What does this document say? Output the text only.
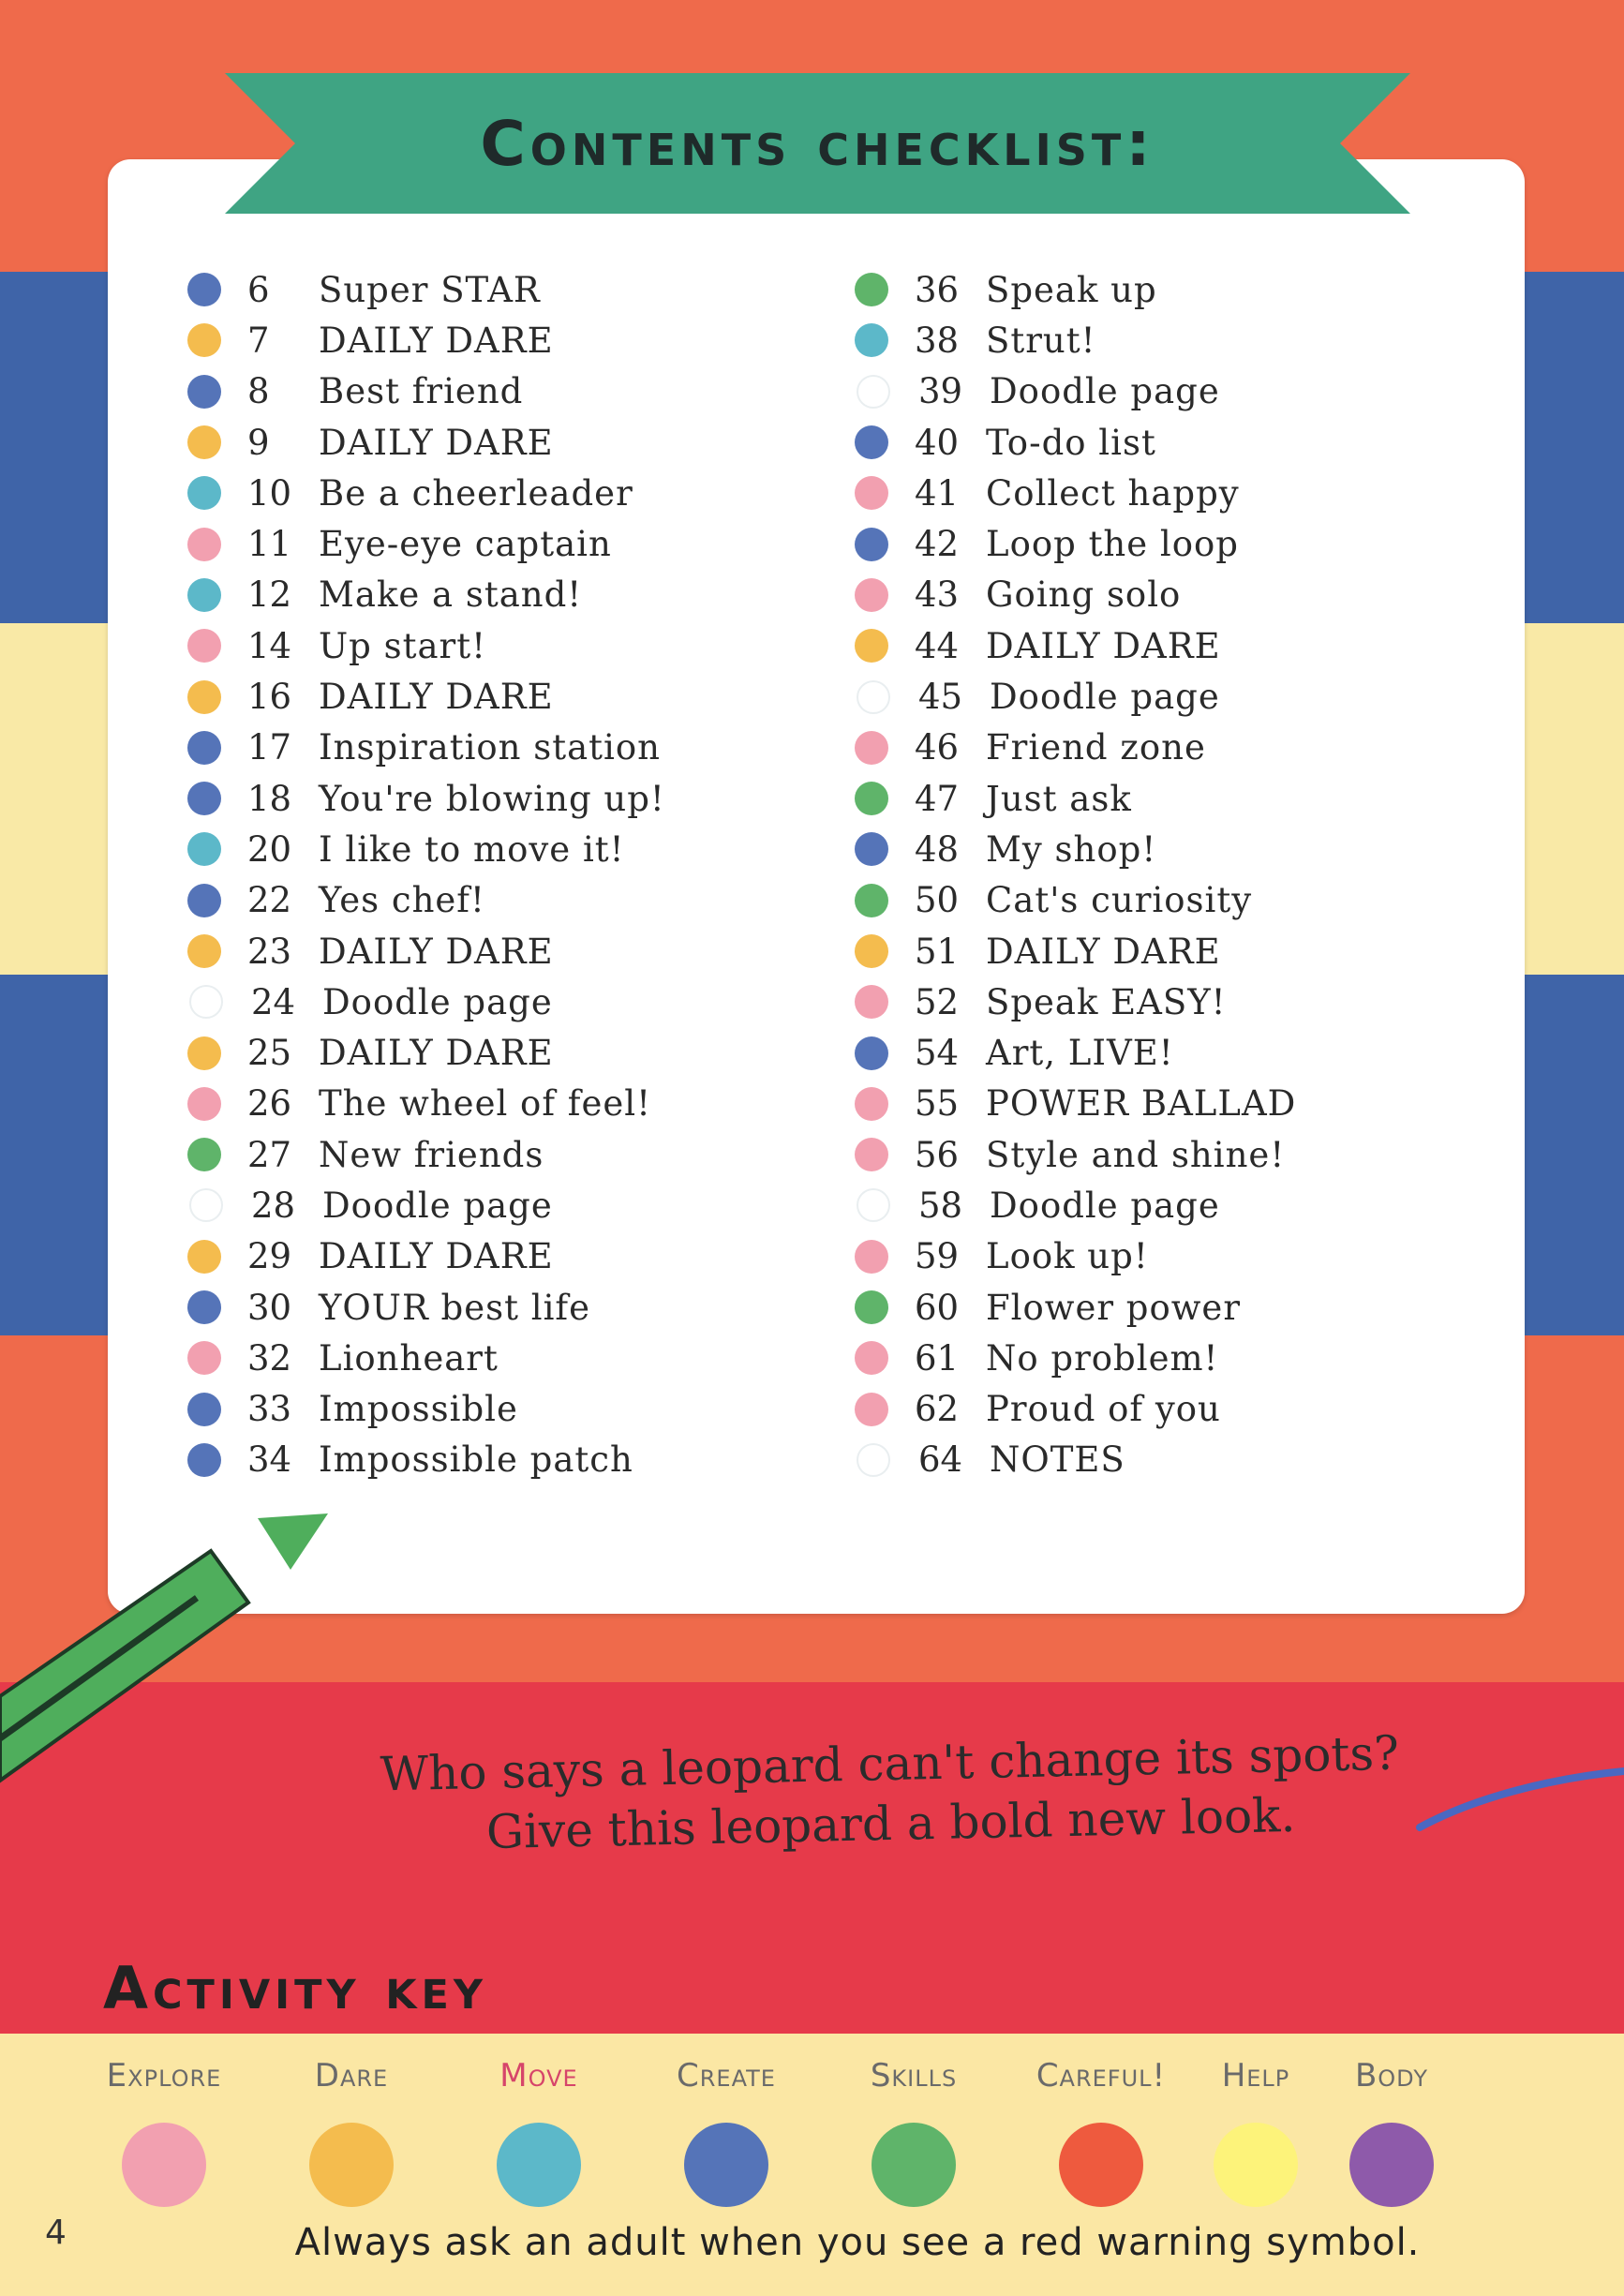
Contents checklist:
6	Super STAR
7	DAILY DARE
8	Best friend
9	DAILY DARE
10 Be a cheerleader
11 Eye-eye captain
12 Make a stand!
14 Up start!
16 DAILY DARE
17 Inspiration station
18 You're blowing up!
20 I like to move it!
22 Yes chef!
23 DAILY DARE
24 Doodle page
25 DAILY DARE
26 The wheel of feel!
27 New friends
28 Doodle page
29 DAILY DARE
30 YOUR best life
32 Lionheart
33 Impossible
34 Impossible patch
36 Speak up
38 Strut!
39 Doodle page
40 To-do list
41 Collect happy
42 Loop the loop
43 Going solo
44 DAILY DARE
45 Doodle page
46 Friend zone
47 Just ask
48 My shop!
50 Cat's curiosity
51 DAILY DARE
52 Speak EASY!
54 Art, LIVE!
55 POWER BALLAD
56 Style and shine!
58 Doodle page
59 Look up!
60 Flower power
61 No problem!
62 Proud of you
64 NOTES
Who says a leopard can't change its spots?
Give this leopard a bold new look.
Activity key
Explore	Dare	Move	Create	Skills	Careful!	Help	Body
Always ask an adult when you see a red warning symbol.
4
